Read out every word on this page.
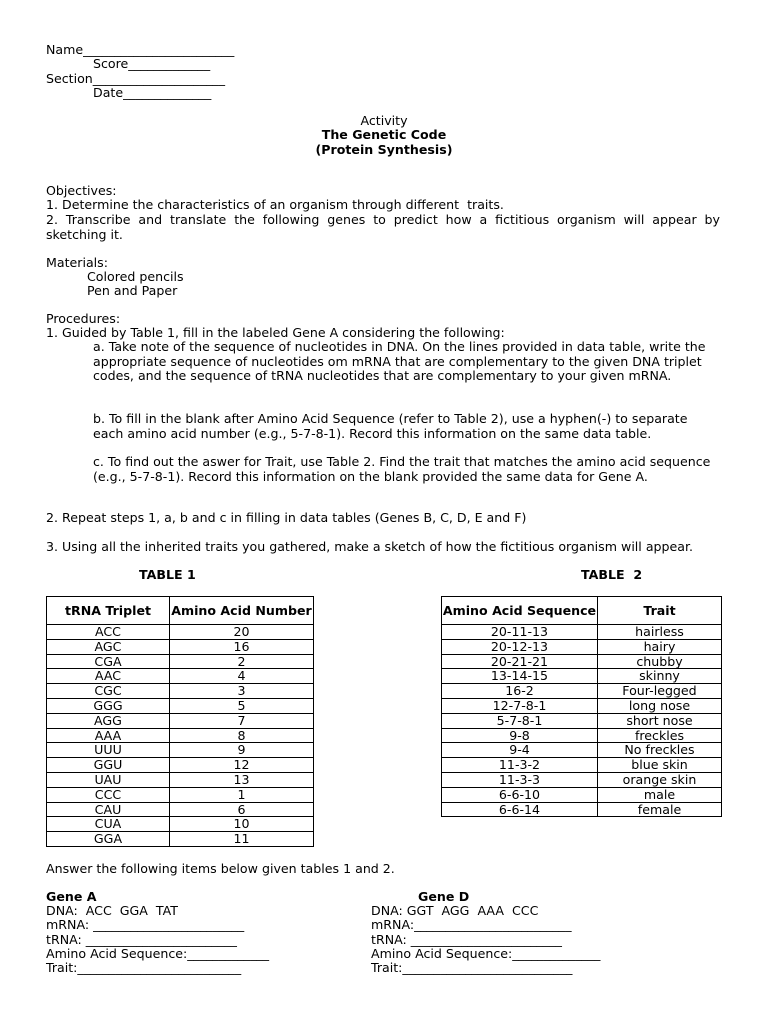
Name________________________
Score_____________
Section_____________________
Date______________
Activity
The Genetic Code
(Protein Synthesis)
Objectives:
1. Determine the characteristics of an organism through different  traits.
2. Transcribe and translate the following genes to predict how a fictitious organism will appear by sketching it.
Materials:
Colored pencils
Pen and Paper
Procedures:
1. Guided by Table 1, fill in the labeled Gene A considering the following:
a. Take note of the sequence of nucleotides in DNA. On the lines provided in data table, write the appropriate sequence of nucleotides om mRNA that are complementary to the given DNA triplet codes, and the sequence of tRNA nucleotides that are complementary to your given mRNA.
b. To fill in the blank after Amino Acid Sequence (refer to Table 2), use a hyphen(-) to separate each amino acid number (e.g., 5-7-8-1). Record this information on the same data table.
c. To find out the aswer for Trait, use Table 2. Find the trait that matches the amino acid sequence (e.g., 5-7-8-1). Record this information on the blank provided the same data for Gene A.
2. Repeat steps 1, a, b and c in filling in data tables (Genes B, C, D, E and F)
3. Using all the inherited traits you gathered, make a sketch of how the fictitious organism will appear.
TABLE 1	TABLE  2
tRNA Triplet	Amino Acid Number
ACC	20
AGC	16
CGA	2
AAC	4
CGC	3
GGG	5
AGG	7
AAA	8
UUU	9
GGU	12
UAU	13
CCC	1
CAU	6
CUA	10
GGA	11
Amino Acid Sequence	Trait
20-11-13	hairless
20-12-13	hairy
20-21-21	chubby
13-14-15	skinny
16-2	Four-legged
12-7-8-1	long nose
5-7-8-1	short nose
9-8	freckles
9-4	No freckles
11-3-2	blue skin
11-3-3	orange skin
6-6-10	male
6-6-14	female
Answer the following items below given tables 1 and 2.
Gene A
DNA:  ACC  GGA  TAT
mRNA: ________________________
tRNA: ________________________
Amino Acid Sequence:_____________
Trait:__________________________
Gene D
DNA: GGT  AGG  AAA  CCC
mRNA:_________________________
tRNA: ________________________
Amino Acid Sequence:______________
Trait:___________________________
